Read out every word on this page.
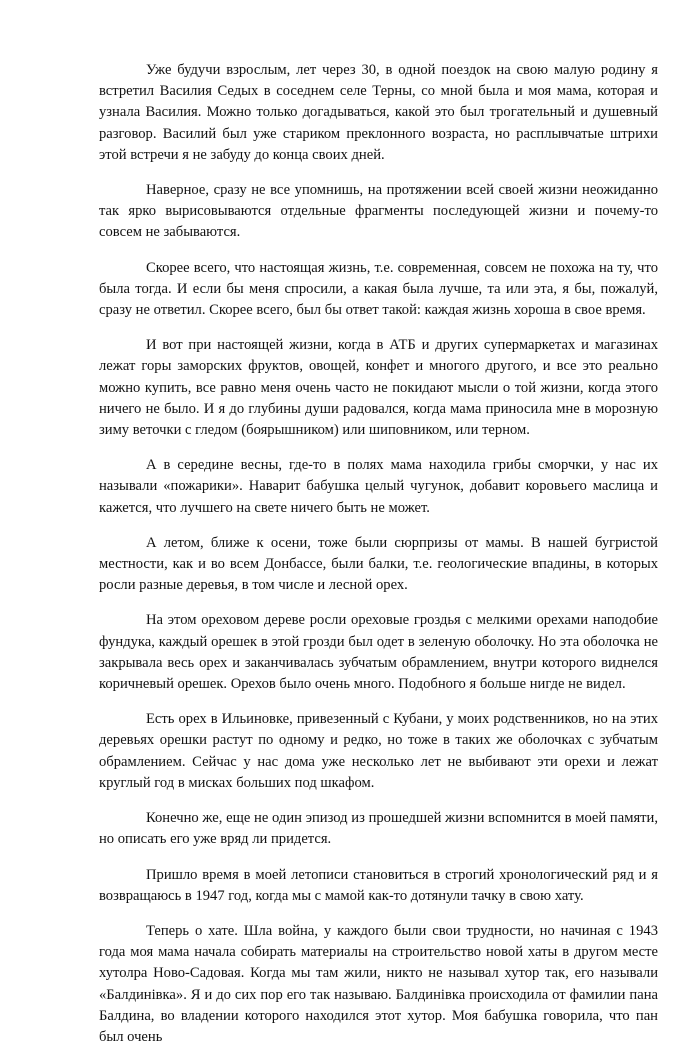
Уже будучи взрослым, лет через 30, в одной поездок на свою малую родину я встретил Василия Седых в соседнем селе Терны, со мной была и моя мама, которая и узнала Василия. Можно только догадываться, какой это был трогательный и душевный разговор. Василий был уже стариком преклонного возраста, но расплывчатые штрихи этой встречи я не забуду до конца своих дней.

Наверное, сразу не все упомнишь, на протяжении всей своей жизни неожиданно так ярко вырисовываются отдельные фрагменты последующей жизни и почему-то совсем не забываются.

Скорее всего, что настоящая жизнь, т.е. современная, совсем не похожа на ту, что была тогда. И если бы меня спросили, а какая была лучше, та или эта, я бы, пожалуй, сразу не ответил. Скорее всего, был бы ответ такой: каждая жизнь хороша в свое время.

И вот при настоящей жизни, когда в АТБ и других супермаркетах и магазинах лежат горы заморских фруктов, овощей, конфет и многого другого, и все это реально можно купить, все равно меня очень часто не покидают мысли о той жизни, когда этого ничего не было. И я до глубины души радовался, когда мама приносила мне в морозную зиму веточки с гледом (боярышником) или шиповником, или терном.

А в середине весны, где-то в полях мама находила грибы сморчки, у нас их называли «пожарики». Наварит бабушка целый чугунок, добавит коровьего маслица и кажется, что лучшего на свете ничего быть не может.

А летом, ближе к осени, тоже были сюрпризы от мамы. В нашей бугристой местности, как и во всем Донбассе, были балки, т.е. геологические впадины, в которых росли разные деревья, в том числе и лесной орех.

На этом ореховом дереве росли ореховые гроздья с мелкими орехами наподобие фундука, каждый орешек в этой грозди был одет в зеленую оболочку. Но эта оболочка не закрывала весь орех и заканчивалась зубчатым обрамлением, внутри которого виднелся коричневый орешек. Орехов было очень много. Подобного я больше нигде не видел.

Есть орех в Ильиновке, привезенный с Кубани, у моих родственников, но на этих деревьях орешки растут по одному и редко, но тоже в таких же оболочках с зубчатым обрамлением. Сейчас у нас дома уже несколько лет не выбивают эти орехи и лежат круглый год в мисках больших под шкафом.

Конечно же, еще не один эпизод из прошедшей жизни вспомнится в моей памяти, но описать его уже вряд ли придется.

Пришло время в моей летописи становиться в строгий хронологический ряд и я возвращаюсь в 1947 год, когда мы с мамой как-то дотянули тачку в свою хату.

Теперь о хате. Шла война, у каждого были свои трудности, но начиная с 1943 года моя мама начала собирать материалы на строительство новой хаты в другом месте хутолра Ново-Садовая. Когда мы там жили, никто не называл хутор так, его называли «Балдинівка». Я и до сих пор его так называю. Балдинівка происходила от фамилии пана Балдина, во владении которого находился этот хутор. Моя бабушка говорила, что пан был очень
